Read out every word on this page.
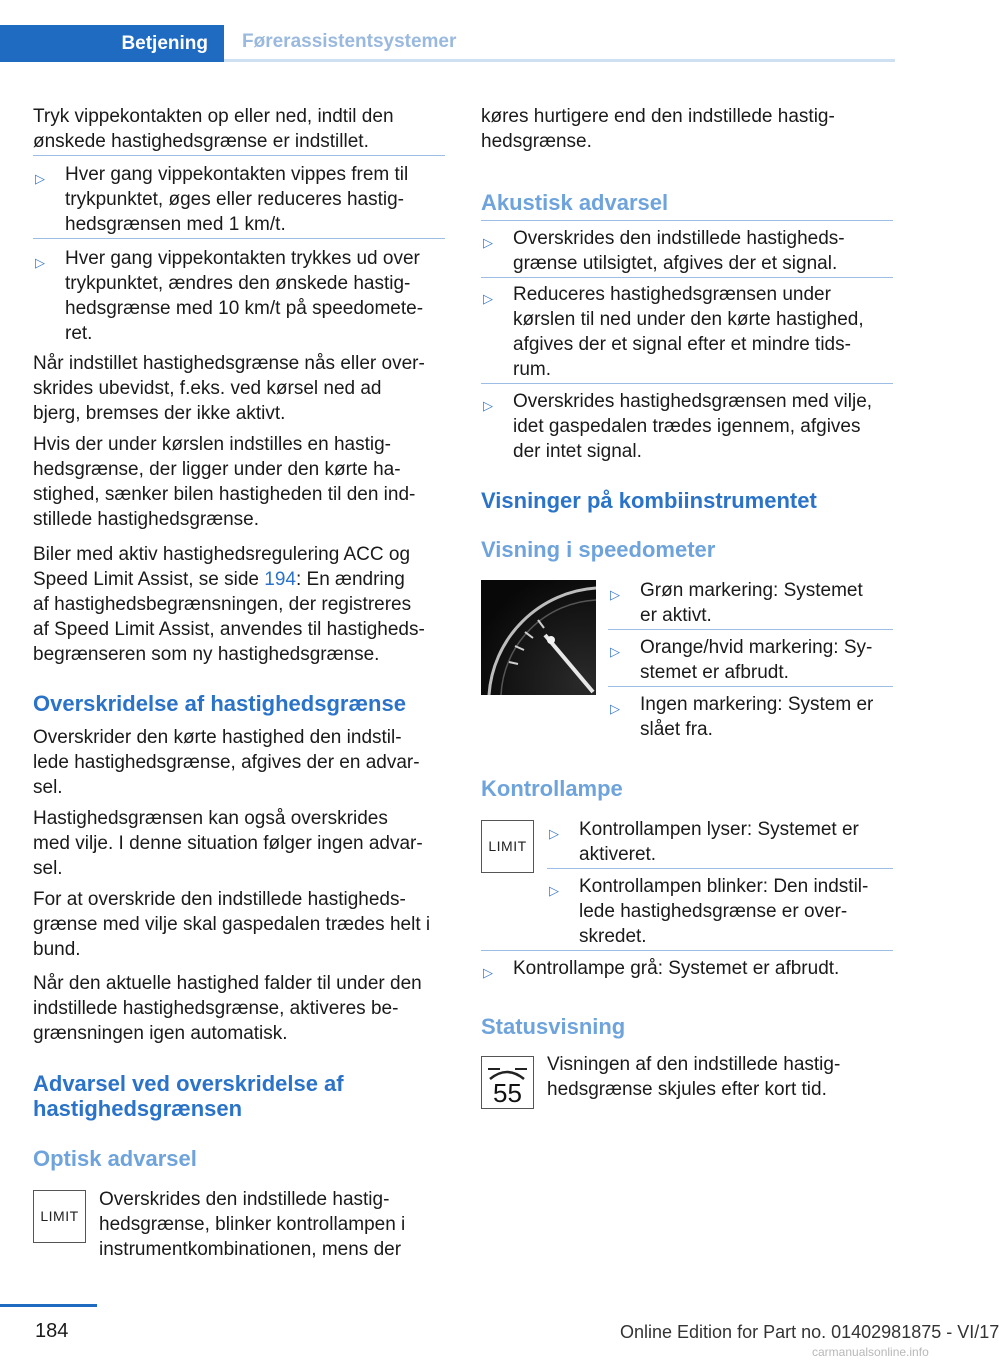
Betjening	Førerassistentsystemer

Tryk vippekontakten op eller ned, indtil den

ønskede hastighedsgrænse er indstillet.

▷ Hver gang vippekontakten vippes frem til

trykpunktet, øges eller reduceres hastig-

hedsgrænsen med 1 km/t.

▷ Hver gang vippekontakten trykkes ud over

trykpunktet, ændres den ønskede hastig-

hedsgrænse med 10 km/t på speedomete-

ret.

Når indstillet hastighedsgrænse nås eller over-

skrides ubevidst, f.eks. ved kørsel ned ad

bjerg, bremses der ikke aktivt.

Hvis der under kørslen indstilles en hastig-

hedsgrænse, der ligger under den kørte ha-

stighed, sænker bilen hastigheden til den ind-

stillede hastighedsgrænse.

Biler med aktiv hastighedsregulering ACC og

Speed Limit Assist, se side 194: En ændring

af hastighedsbegrænsningen, der registreres

af Speed Limit Assist, anvendes til hastigheds-

begrænseren som ny hastighedsgrænse.

Overskridelse af hastighedsgrænse

Overskrider den kørte hastighed den indstil-

lede hastighedsgrænse, afgives der en advar-

sel.

Hastighedsgrænsen kan også overskrides

med vilje. I denne situation følger ingen advar-

sel.

For at overskride den indstillede hastigheds-

grænse med vilje skal gaspedalen trædes helt i

bund.

Når den aktuelle hastighed falder til under den

indstillede hastighedsgrænse, aktiveres be-

grænsningen igen automatisk.

Advarsel ved overskridelse af
hastighedsgrænsen
Optisk advarsel
LIMIT

Overskrides den indstillede hastig-

hedsgrænse, blinker kontrollampen i

instrumentkombinationen, mens der

køres hurtigere end den indstillede hastig-

hedsgrænse.

Akustisk advarsel
▷ Overskrides den indstillede hastigheds-

grænse utilsigtet, afgives der et signal.

▷ Reduceres hastighedsgrænsen under

kørslen til ned under den kørte hastighed,

afgives der et signal efter et mindre tids-

rum.

▷ Overskrides hastighedsgrænsen med vilje,

idet gaspedalen trædes igennem, afgives

der intet signal.

Visninger på kombiinstrumentet
Visning i speedometer
▷ Grøn markering: Systemet

er aktivt.

▷ Orange/hvid markering: Sy-

stemet er afbrudt.

▷ Ingen markering: System er

slået fra.

Kontrollampe
LIMIT
▷ Kontrollampen lyser: Systemet er

aktiveret.

▷ Kontrollampen blinker: Den indstil-

lede hastighedsgrænse er over-

skredet.

▷ Kontrollampe grå: Systemet er afbrudt.

Statusvisning
55

Visningen af den indstillede hastig-

hedsgrænse skjules efter kort tid.

184	Online Edition for Part no. 01402981875 - VI/17
carmanualsonline.info
